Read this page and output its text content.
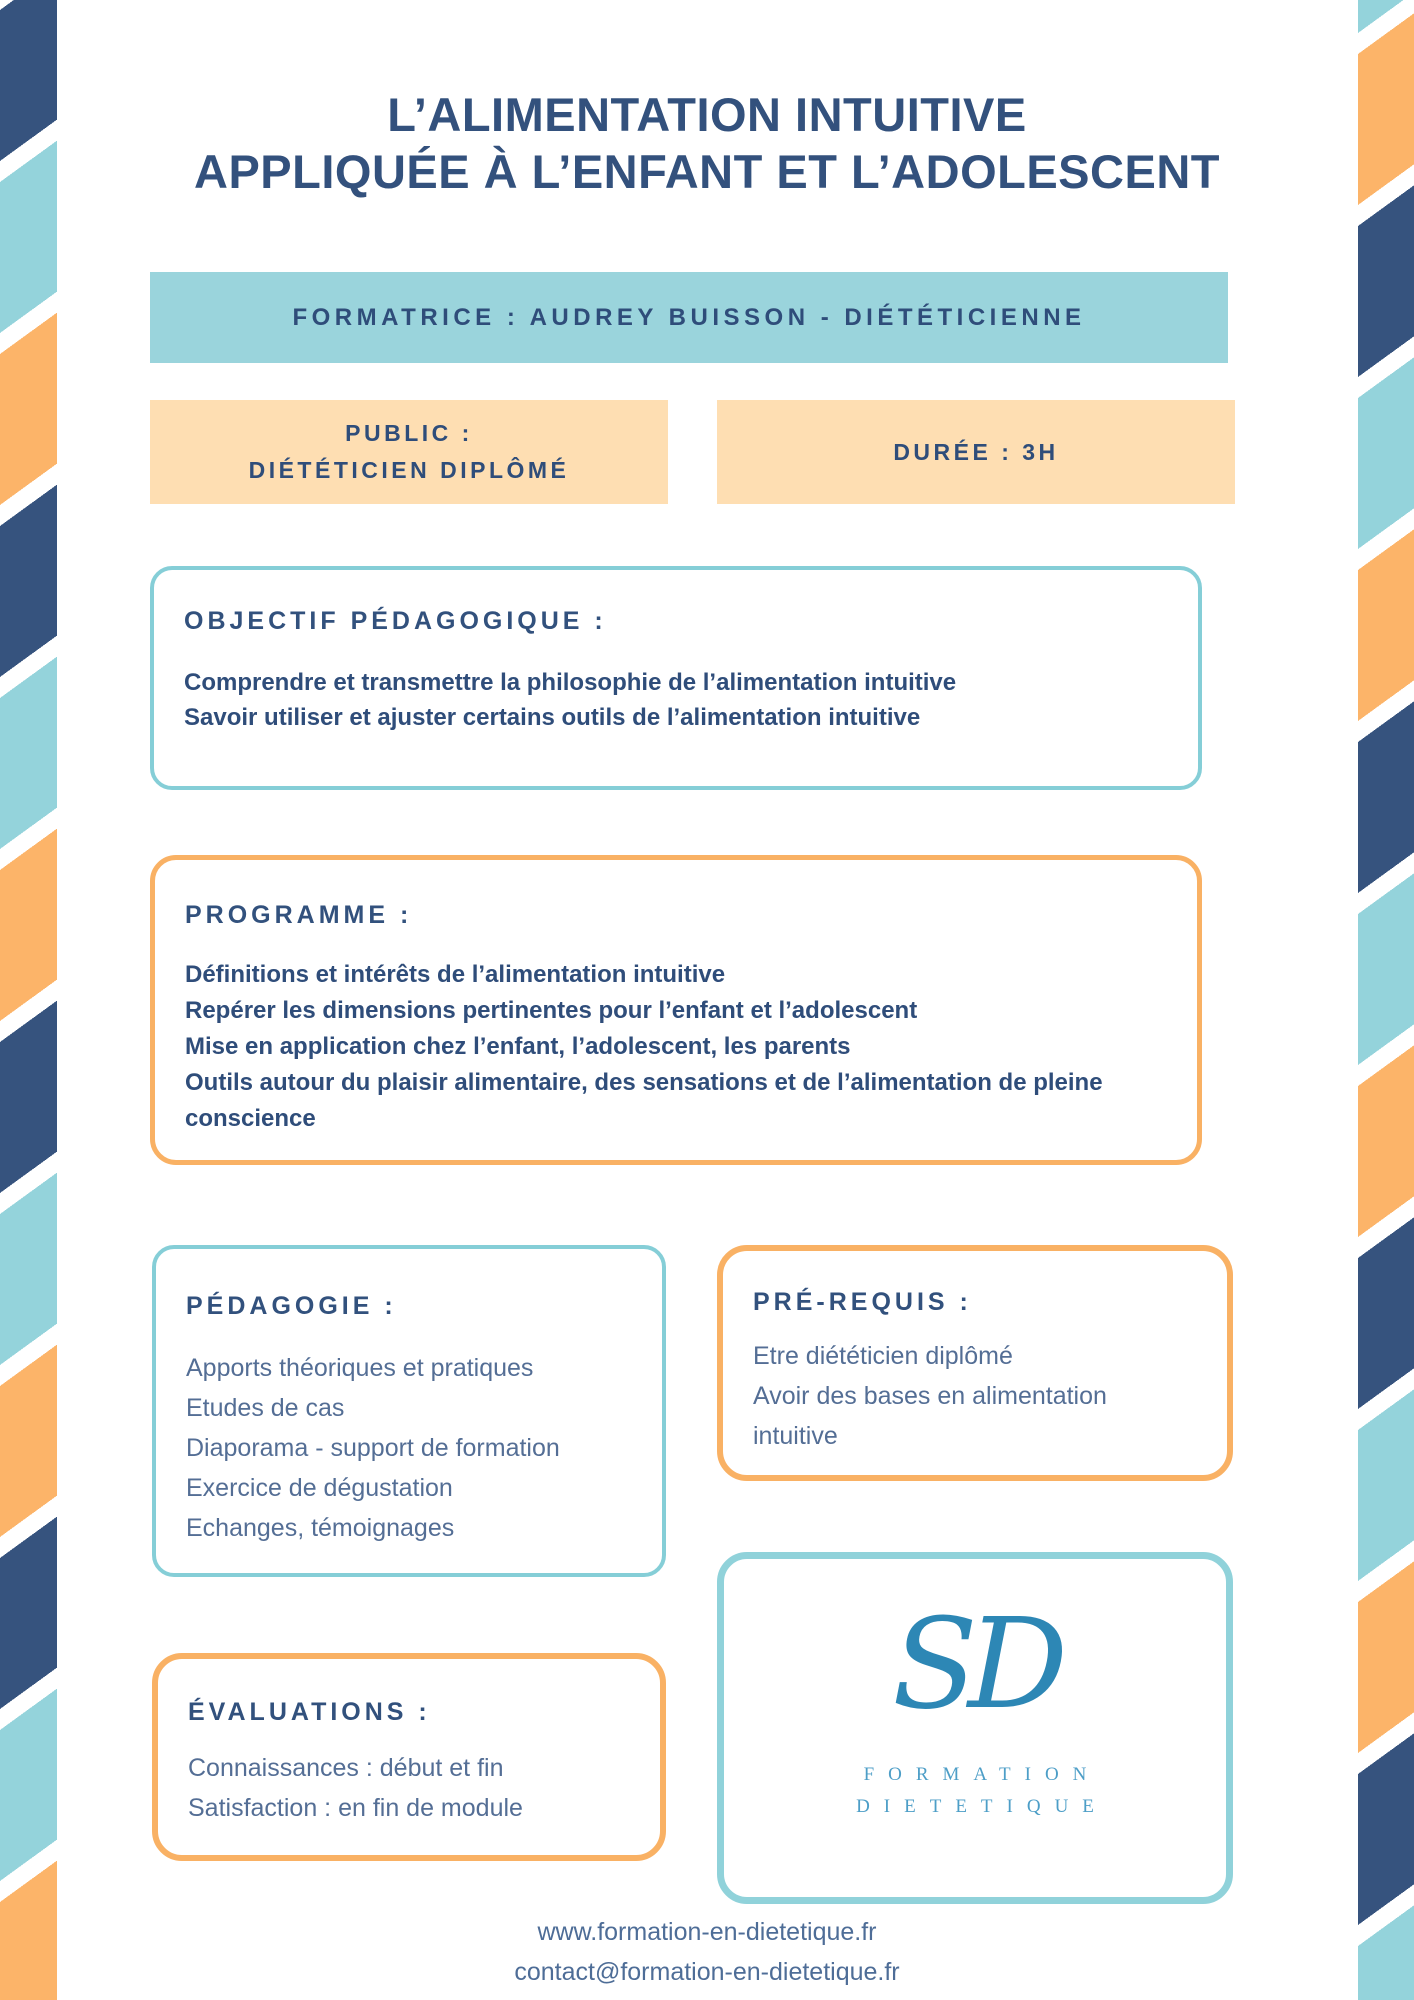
L’ALIMENTATION INTUITIVE
APPLIQUÉE À L’ENFANT ET L’ADOLESCENT
FORMATRICE : AUDREY BUISSON - DIÉTÉTICIENNE
PUBLIC :
DIÉTÉTICIEN DIPLÔMÉ
DURÉE : 3H
OBJECTIF PÉDAGOGIQUE :
Comprendre et transmettre la philosophie de l’alimentation intuitive
Savoir utiliser et ajuster certains outils de l’alimentation intuitive
PROGRAMME :
Définitions et intérêts de l’alimentation intuitive
Repérer les dimensions pertinentes pour l’enfant et l’adolescent
Mise en application chez l’enfant, l’adolescent, les parents
Outils autour du plaisir alimentaire, des sensations et de l’alimentation de pleine conscience
PÉDAGOGIE :
Apports théoriques et pratiques
Etudes de cas
Diaporama - support de formation
Exercice de dégustation
Echanges, témoignages
PRÉ-REQUIS :
Etre diététicien diplômé
Avoir des bases en alimentation intuitive
SD
FORMATION
DIETETIQUE
ÉVALUATIONS :
Connaissances : début et fin
Satisfaction : en fin de module
www.formation-en-dietetique.fr
contact@formation-en-dietetique.fr
